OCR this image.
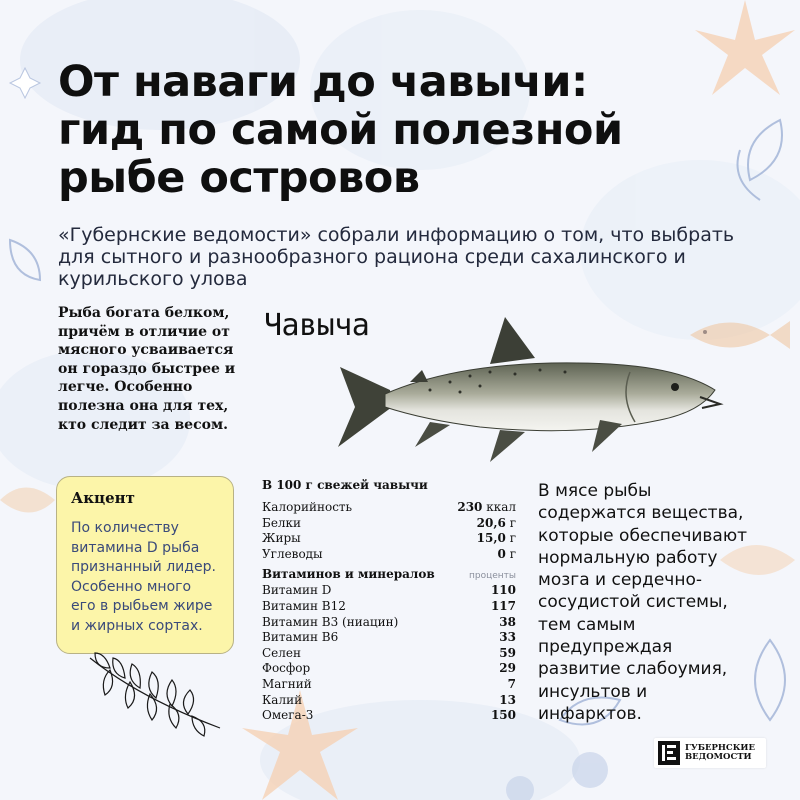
От наваги до чавычи:
гид по самой полезной
рыбе островов
«Губернские ведомости» собрали информацию о том, что выбрать для сытного и разнообразного рациона среди сахалинского и курильского улова
Рыба богата белком, причём в отличие от мясного усваивается он гораздо быстрее и легче. Особенно полезна она для тех, кто следит за весом.
Чавыча
Акцент

По количеству витамина D рыба признанный лидер. Особенно много его в рыбьем жире и жирных сортах.

В 100 г свежей чавычи
Калорийность	230 ккал
Белки	20,6 г
Жиры	15,0 г
Углеводы	0 г
Витаминов и минералов	проценты
Витамин D	110
Витамин B12	117
Витамин B3 (ниацин)	38
Витамин B6	33
Селен	59
Фосфор	29
Магний	7
Калий	13
Омега-3	150
В мясе рыбы содержатся вещества, которые обеспечивают нормальную работу мозга и сердечно-сосудистой системы, тем самым предупреждая развитие слабоумия, инсультов и инфарктов.
ГУБЕРНСКИЕ
ВЕДОМОСТИ
